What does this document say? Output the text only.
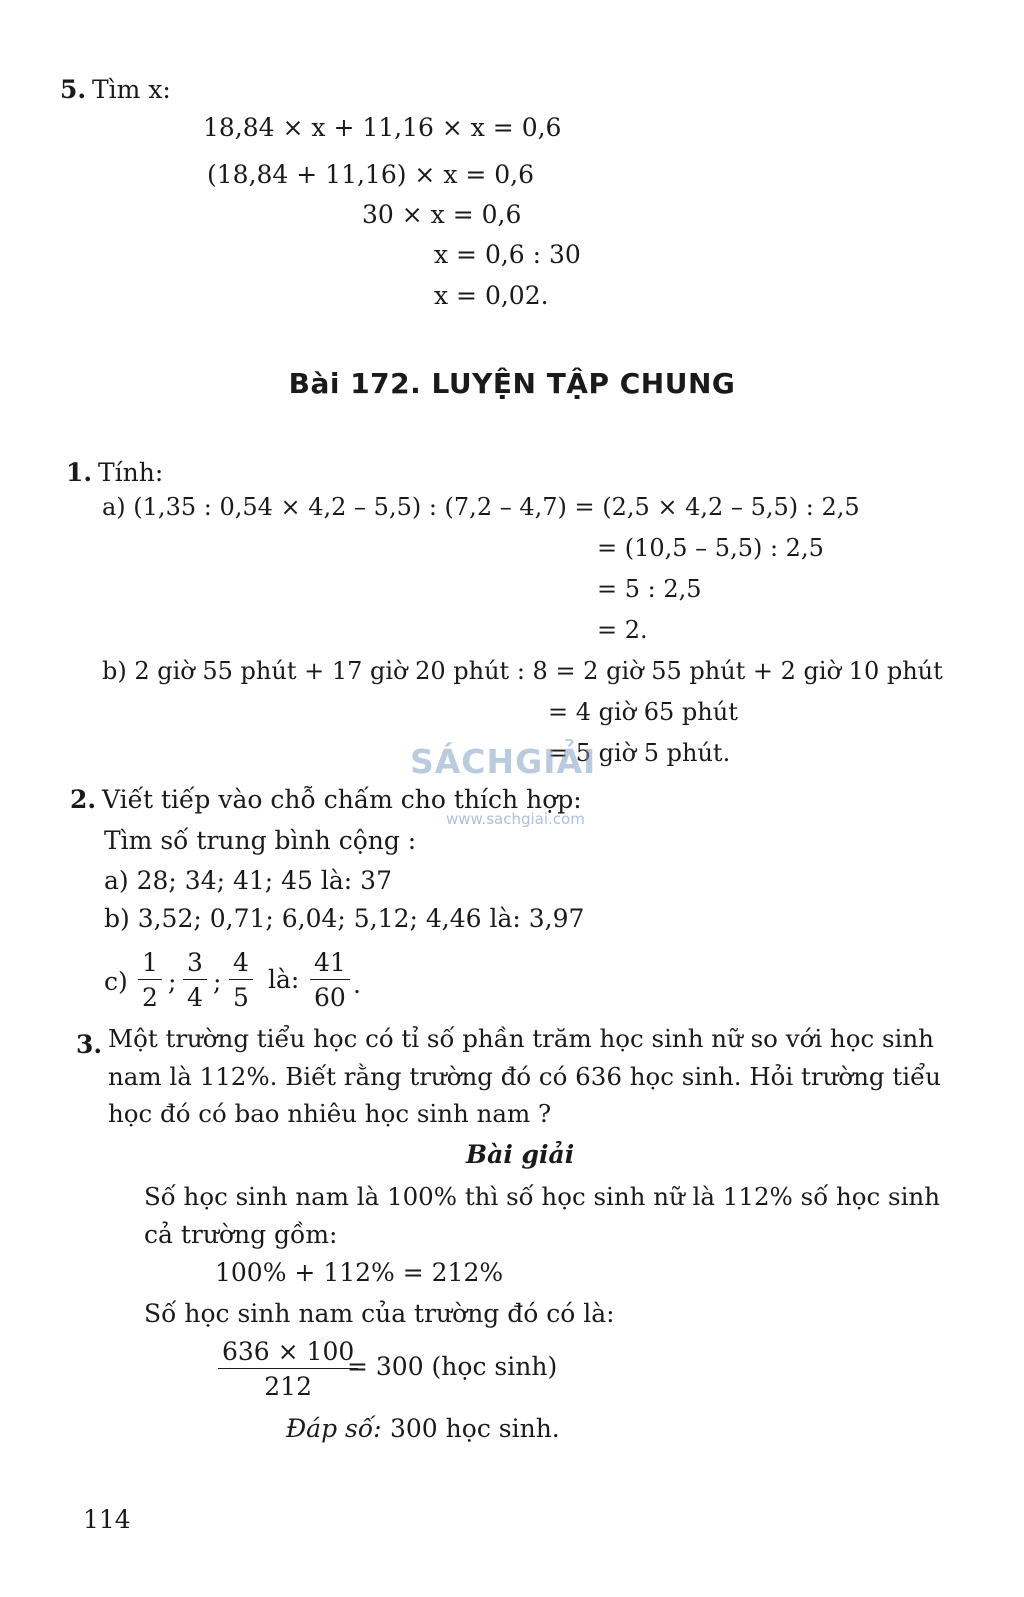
5. Tìm x:
18,84 × x + 11,16 × x = 0,6
(18,84 + 11,16) × x = 0,6
30 × x = 0,6
x = 0,6 : 30
x = 0,02.
Bài 172. LUYỆN TẬP CHUNG
1. Tính:
a) (1,35 : 0,54 × 4,2 – 5,5) : (7,2 – 4,7) = (2,5 × 4,2 – 5,5) : 2,5
= (10,5 – 5,5) : 2,5
= 5 : 2,5
= 2.
b) 2 giờ 55 phút + 17 giờ 20 phút : 8 = 2 giờ 55 phút + 2 giờ 10 phút
= 4 giờ 65 phút
= 5 giờ 5 phút.
SÁCHGIẢI
www.sachgiai.com
2. Viết tiếp vào chỗ chấm cho thích hợp:
Tìm số trung bình cộng :
a) 28; 34; 41; 45 là: 37
b) 3,52; 0,71; 6,04; 5,12; 4,46 là: 3,97
$c) \frac{1}{2}$ ; $\frac{3}{4}$ ; $\frac{4}{5}$ là: $\frac{41}{60}$ .
3. Một trường tiểu học có tỉ số phần trăm học sinh nữ so với học sinh
nam là 112%. Biết rằng trường đó có 636 học sinh. Hỏi trường tiểu
học đó có bao nhiêu học sinh nam ?
Bài giải
Số học sinh nam là 100% thì số học sinh nữ là 112% số học sinh
cả trường gồm:
100% + 112% = 212%
Số học sinh nam của trường đó có là:
$\frac{636 \times 100}{212}$
= 300 (học sinh)
Đáp số: 300 học sinh.
114
